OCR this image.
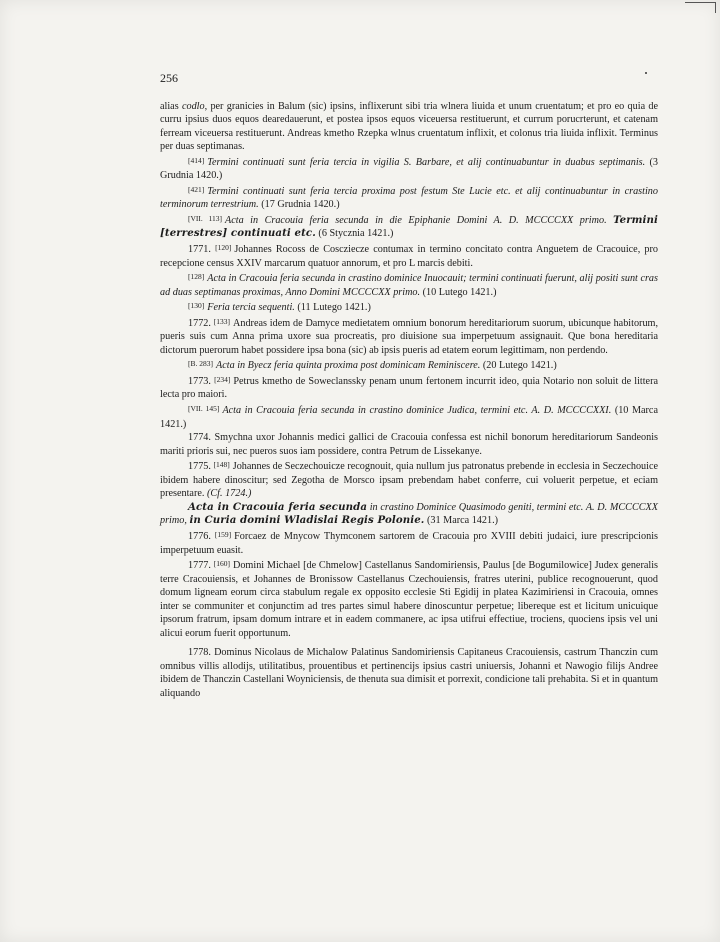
256

alias codlo, per granicies in Balum (sic) ipsins, inflixerunt sibi tria wlnera liuida et unum cruentatum; et pro eo quia de curru ipsius duos equos dearedauerunt, et postea ipsos equos viceuersa restituerunt, et currum porucrterunt, et catenam ferream viceuersa restituerunt. Andreas kmetho Rzepka wlnus cruentatum inflixit, et colonus tria liuida inflixit. Terminus per duas septimanas.

[414] Termini continuati sunt feria tercia in vigilia S. Barbare, et alij continuabuntur in duabus septimanis. (3 Grudnia 1420.)

[421] Termini continuati sunt feria tercia proxima post festum Ste Lucie etc. et alij continuabuntur in crastino terminorum terrestrium. (17 Grudnia 1420.)

[VII. 113] Acta in Cracouia feria secunda in die Epiphanie Domini A. D. MCCCCXX primo. Termini [terrestres] continuati etc. (6 Stycznia 1421.)

1771. [120] Johannes Rocoss de Coscziecze contumax in termino concitato contra Anguetem de Cracouice, pro recepcione census XXIV marcarum quatuor annorum, et pro L marcis debiti.

[128] Acta in Cracouia feria secunda in crastino dominice Inuocauit; termini continuati fuerunt, alij positi sunt cras ad duas septimanas proximas, Anno Domini MCCCCXX primo. (10 Lutego 1421.)

[130] Feria tercia sequenti. (11 Lutego 1421.)

1772. [133] Andreas idem de Damyce medietatem omnium bonorum hereditariorum suorum, ubicunque habitorum, pueris suis cum Anna prima uxore sua procreatis, pro diuisione sua imperpetuum assignauit. Que bona hereditaria dictorum puerorum habet possidere ipsa bona (sic) ab ipsis pueris ad etatem eorum legittimam, non perdendo.

[B. 283] Acta in Byecz feria quinta proxima post dominicam Reminiscere. (20 Lutego 1421.)

1773. [234] Petrus kmetho de Soweclanssky penam unum fertonem incurrit ideo, quia Notario non soluit de littera lecta pro maiori.

[VII. 145] Acta in Cracouia feria secunda in crastino dominice Judica, termini etc. A. D. MCCCCXXI. (10 Marca 1421.)

1774. Smychna uxor Johannis medici gallici de Cracouia confessa est nichil bonorum hereditariorum Sandeonis mariti prioris sui, nec pueros suos iam possidere, contra Petrum de Lissekanye.

1775. [148] Johannes de Seczechouicze recognouit, quia nullum jus patronatus prebende in ecclesia in Seczechouice ibidem habere dinoscitur; sed Zegotha de Morsco ipsam prebendam habet conferre, cui voluerit perpetue, et eciam presentare. (Cf. 1724.)

Acta in Cracouia feria secunda in crastino Dominice Quasimodo geniti, termini etc. A. D. MCCCCXX primo, in Curia domini Wladislai Regis Polonie. (31 Marca 1421.)

1776. [159] Forcaez de Mnycow Thymconem sartorem de Cracouia pro XVIII debiti judaici, iure prescripcionis imperpetuum euasit.

1777. [160] Domini Michael [de Chmelow] Castellanus Sandomiriensis, Paulus [de Bogumilowice] Judex generalis terre Cracouiensis, et Johannes de Bronissow Castellanus Czechouiensis, fratres uterini, publice recognouerunt, quod domum ligneam eorum circa stabulum regale ex opposito ecclesie Sti Egidij in platea Kazimiriensi in Cracouia, omnes inter se communiter et conjunctim ad tres partes simul habere dinoscuntur perpetue; libereque est et licitum unicuique ipsorum fratrum, ipsam domum intrare et in eadem commanere, ac ipsa utifrui effectiue, trociens, quociens ipsis vel uni alicui eorum fuerit opportunum.

1778. Dominus Nicolaus de Michalow Palatinus Sandomiriensis Capitaneus Cracouiensis, castrum Thanczin cum omnibus villis allodijs, utilitatibus, prouentibus et pertinencijs ipsius castri uniuersis, Johanni et Nawogio filijs Andree ibidem de Thanczin Castellani Woyniciensis, de thenuta sua dimisit et porrexit, condicione tali prehabita. Si et in quantum aliquando
